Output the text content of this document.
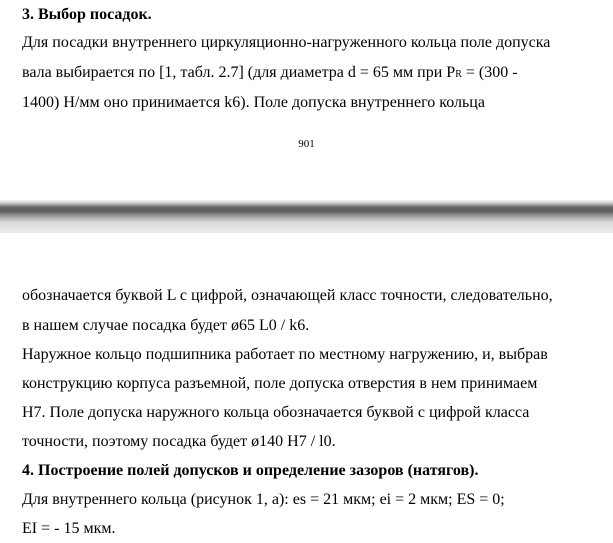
3. Выбор посадок.
Для посадки внутреннего циркуляционно-нагруженного кольца поле допуска
вала выбирается по [1, табл. 2.7] (для диаметра d = 65 мм при PR = (300 -
1400) Н/мм оно принимается k6). Поле допуска внутреннего кольца
901
обозначается буквой L с цифрой, означающей класс точности, следовательно,
в нашем случае посадка будет ø65 L0 / k6.
Наружное кольцо подшипника работает по местному нагружению, и, выбрав
конструкцию корпуса разъемной, поле допуска отверстия в нем принимаем
H7. Поле допуска наружного кольца обозначается буквой с цифрой класса
точности, поэтому посадка будет ø140 H7 / l0.
4. Построение полей допусков и определение зазоров (натягов).
Для внутреннего кольца (рисунок 1, а): es = 21 мкм; ei = 2 мкм; ES = 0;
EI = - 15 мкм.
